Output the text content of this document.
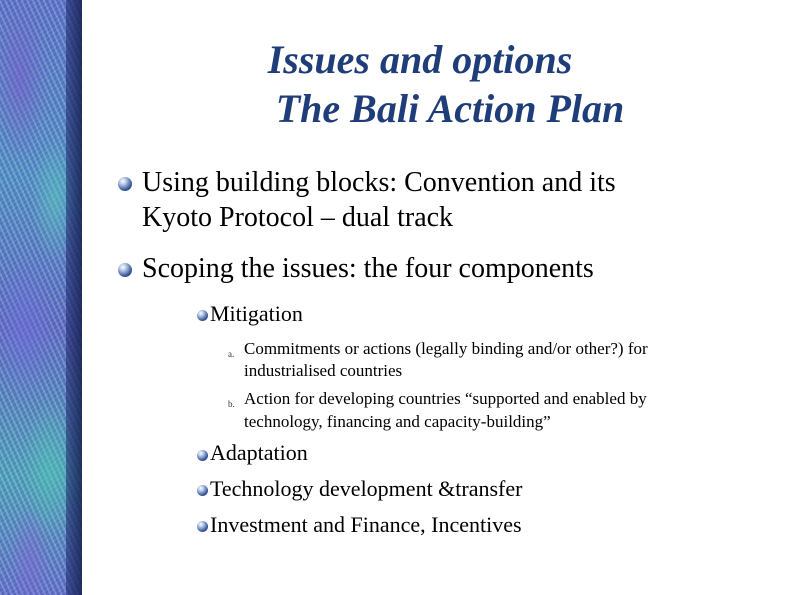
Issues and options
The Bali Action Plan

Using building blocks: Convention and its

Kyoto Protocol – dual track

Scoping the issues: the four components

Mitigation

a. Commitments or actions (legally binding and/or other?) for

industrialised countries

b. Action for developing countries “supported and enabled by

technology, financing and capacity-building”

Adaptation

Technology development &transfer

Investment and Finance, Incentives
